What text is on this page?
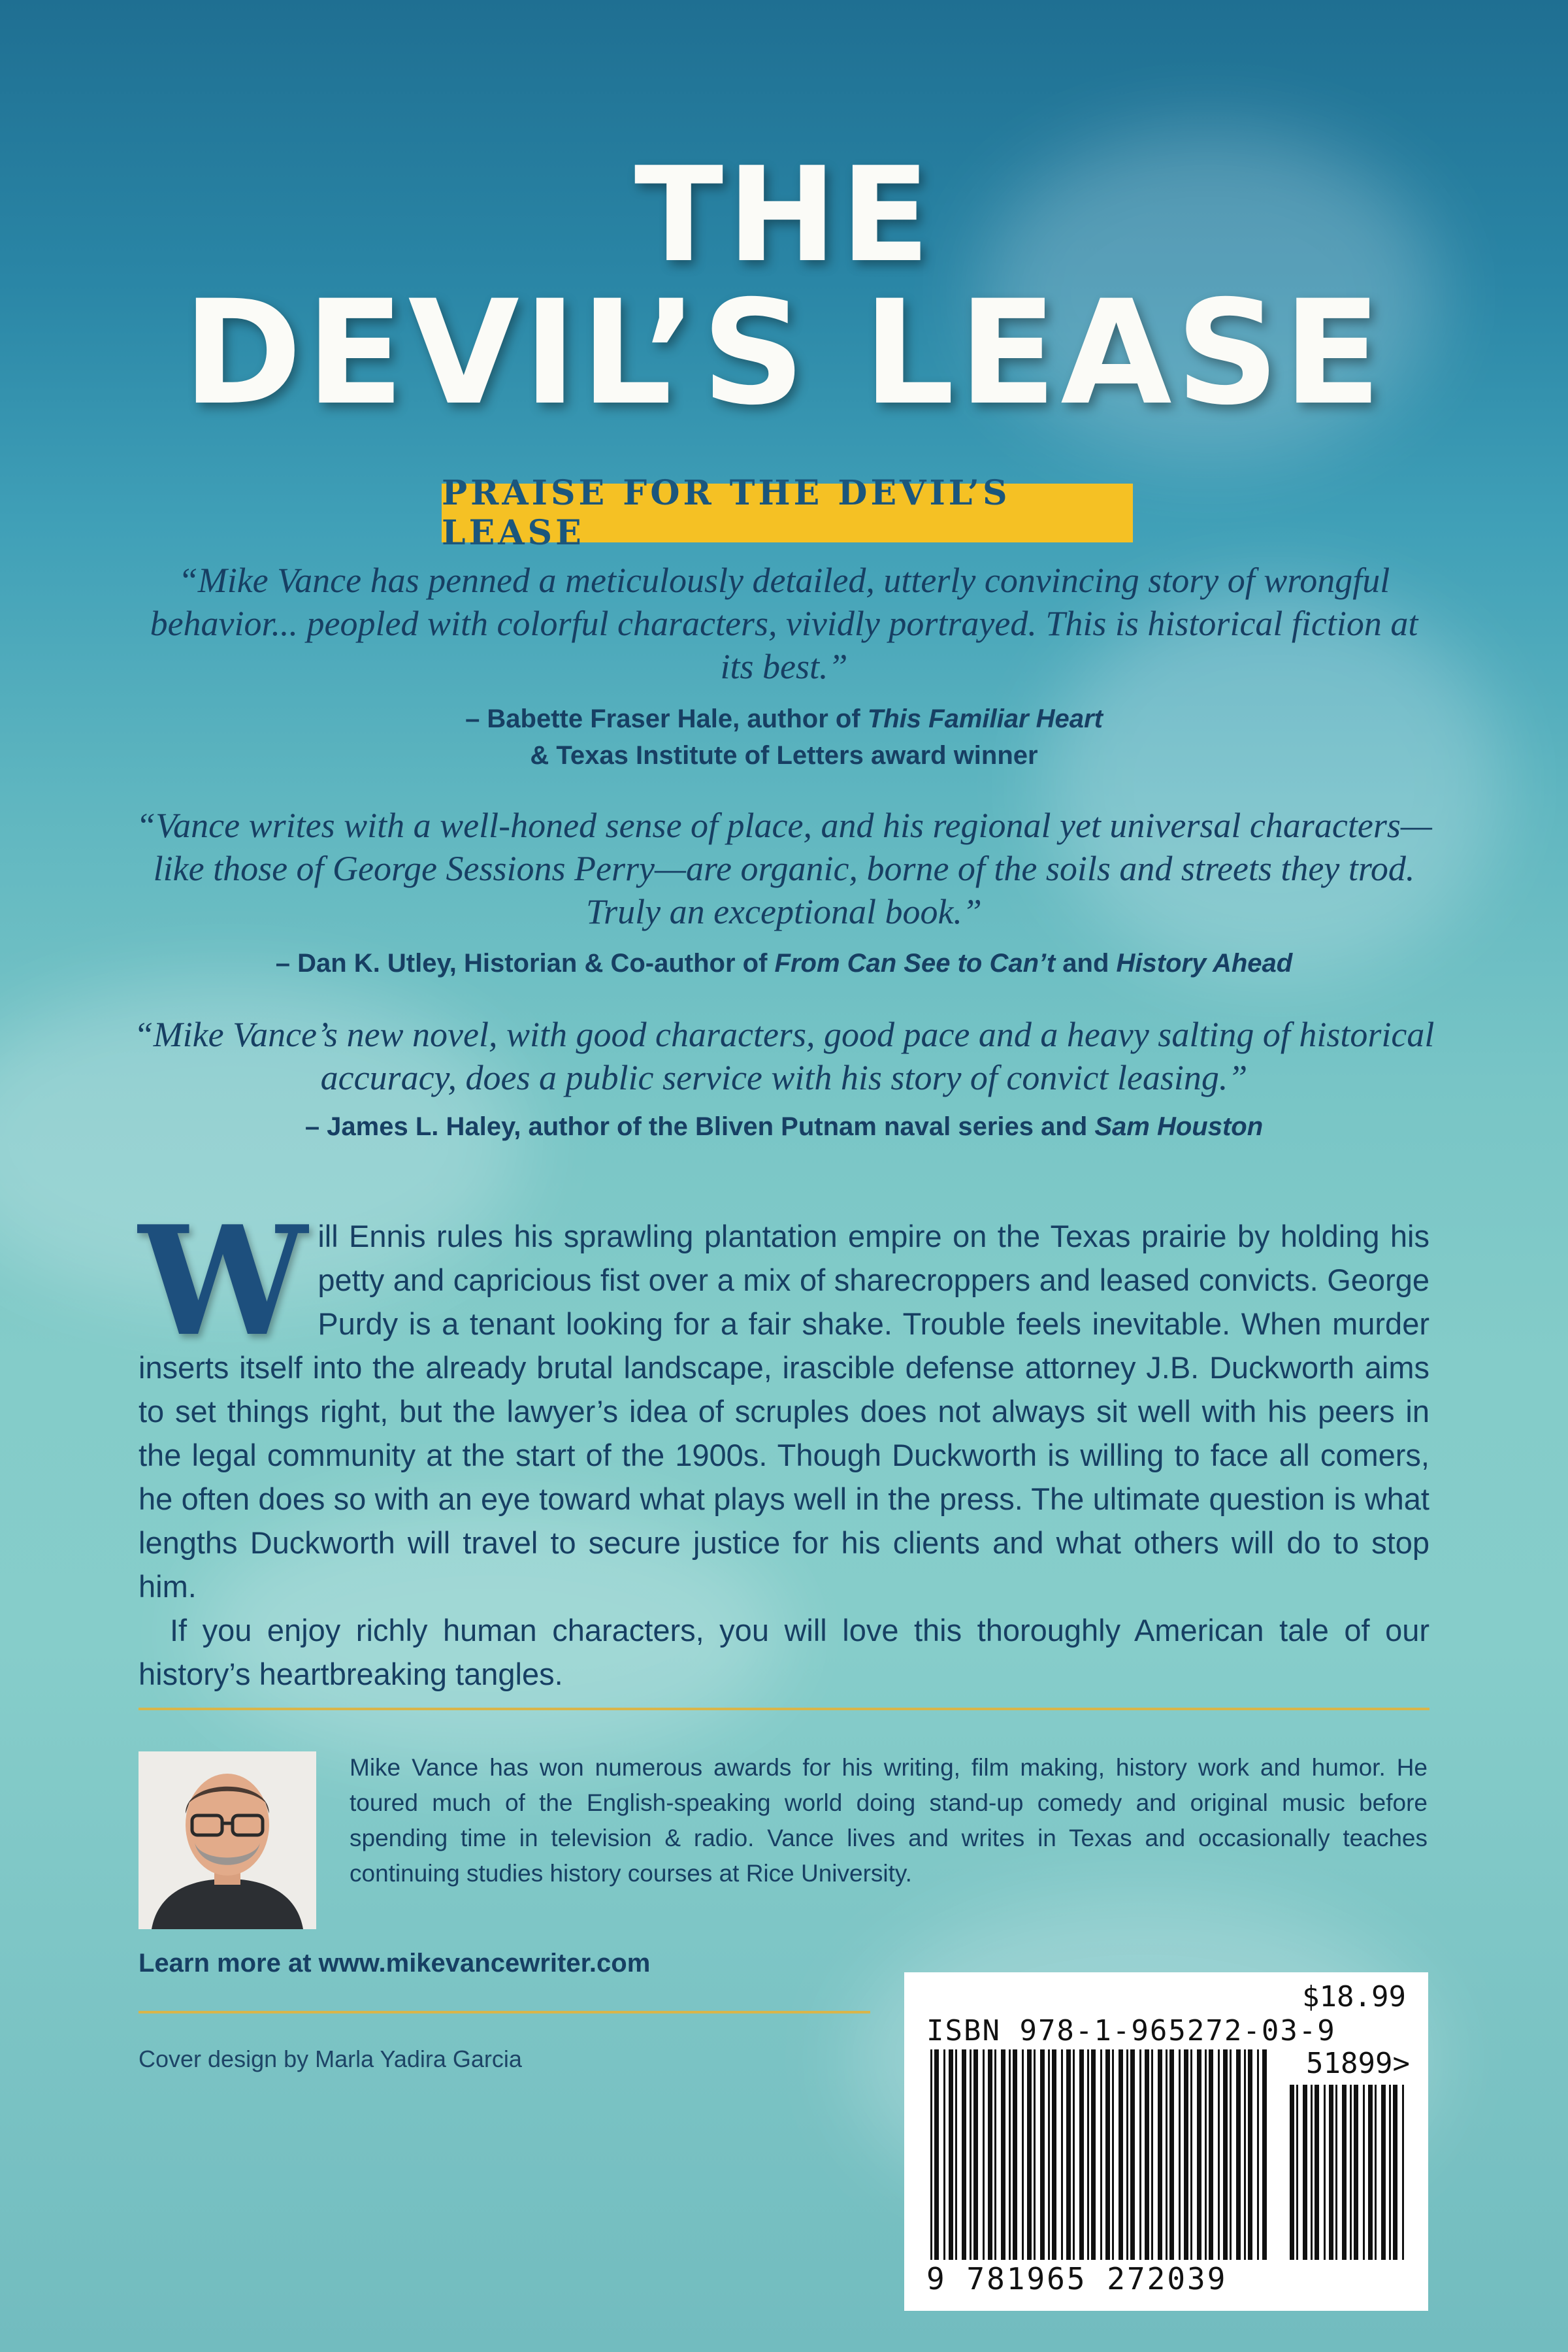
THE
DEVIL’S LEASE
PRAISE FOR THE DEVIL’S LEASE
“Mike Vance has penned a meticulously detailed, utterly convincing story of wrongful behavior... peopled with colorful characters, vividly portrayed. This is historical fiction at its best.”
– Babette Fraser Hale, author of This Familiar Heart
& Texas Institute of Letters award winner
“Vance writes with a well-honed sense of place, and his regional yet universal characters—like those of George Sessions Perry—are organic, borne of the soils and streets they trod. Truly an exceptional book.”
– Dan K. Utley, Historian & Co-author of From Can See to Can’t and History Ahead
“Mike Vance’s new novel, with good characters, good pace and a heavy salting of historical accuracy, does a public service with his story of convict leasing.”
– James L. Haley, author of the Bliven Putnam naval series and Sam Houston
W ill Ennis rules his sprawling plantation empire on the Texas prairie by holding his petty and capricious fist over a mix of sharecroppers and leased convicts. George Purdy is a tenant looking for a fair shake. Trouble feels inevitable. When murder inserts itself into the already brutal landscape, irascible defense attorney J.B. Duckworth aims to set things right, but the lawyer’s idea of scruples does not always sit well with his peers in the legal community at the start of the 1900s. Though Duckworth is willing to face all comers, he often does so with an eye toward what plays well in the press. The ultimate question is what lengths Duckworth will travel to secure justice for his clients and what others will do to stop him.

If you enjoy richly human characters, you will love this thoroughly American tale of our history’s heartbreaking tangles.

Mike Vance has won numerous awards for his writing, film making, history work and humor. He toured much of the English-speaking world doing stand-up comedy and original music before spending time in television & radio. Vance lives and writes in Texas and occasionally teaches continuing studies history courses at Rice University.
Learn more at www.mikevancewriter.com
Cover design by Marla Yadira Garcia
$18.99
ISBN 978-1-965272-03-9
51899>
9 781965 272039
